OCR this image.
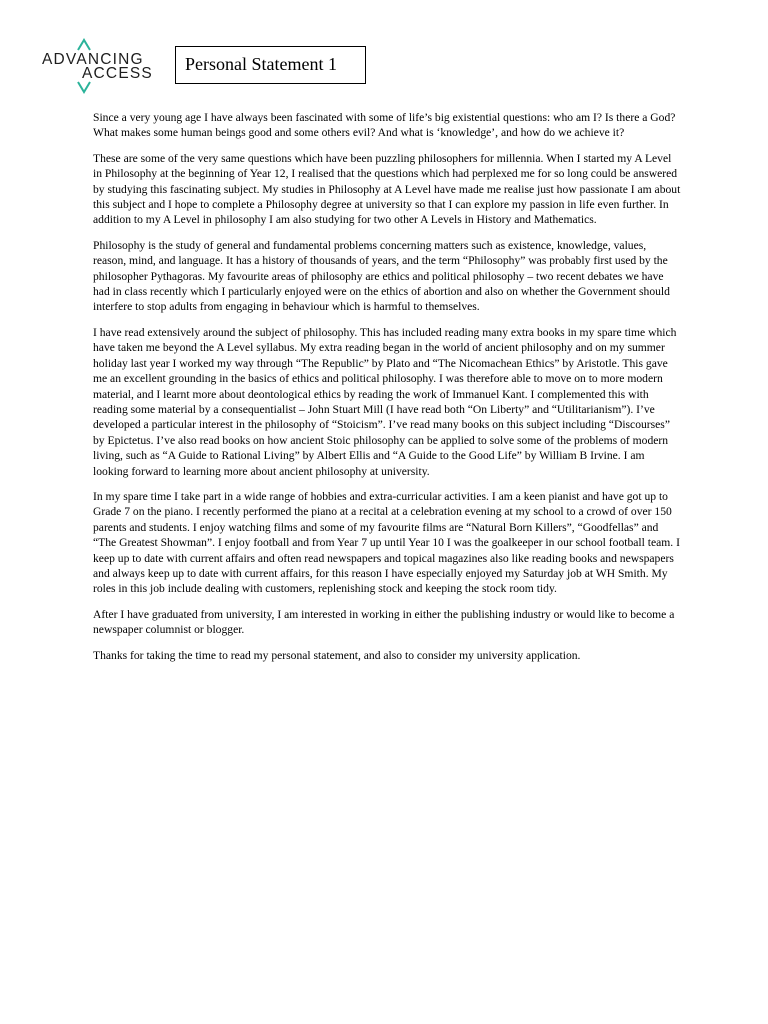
ADVANCING
ACCESS	Personal Statement 1

Since a very young age I have always been fascinated with some of life’s big existential questions: who am I? Is there a God? What makes some human beings good and some others evil? And what is ‘knowledge’, and how do we achieve it?

These are some of the very same questions which have been puzzling philosophers for millennia. When I started my A Level in Philosophy at the beginning of Year 12, I realised that the questions which had perplexed me for so long could be answered by studying this fascinating subject. My studies in Philosophy at A Level have made me realise just how passionate I am about this subject and I hope to complete a Philosophy degree at university so that I can explore my passion in life even further. In addition to my A Level in philosophy I am also studying for two other A Levels in History and Mathematics.

Philosophy is the study of general and fundamental problems concerning matters such as existence, knowledge, values, reason, mind, and language. It has a history of thousands of years, and the term “Philosophy” was probably first used by the philosopher Pythagoras. My favourite areas of philosophy are ethics and political philosophy – two recent debates we have had in class recently which I particularly enjoyed were on the ethics of abortion and also on whether the Government should interfere to stop adults from engaging in behaviour which is harmful to themselves.

I have read extensively around the subject of philosophy. This has included reading many extra books in my spare time which have taken me beyond the A Level syllabus. My extra reading began in the world of ancient philosophy and on my summer holiday last year I worked my way through “The Republic” by Plato and “The Nicomachean Ethics” by Aristotle. This gave me an excellent grounding in the basics of ethics and political philosophy. I was therefore able to move on to more modern material, and I learnt more about deontological ethics by reading the work of Immanuel Kant. I complemented this with reading some material by a consequentialist – John Stuart Mill (I have read both “On Liberty” and “Utilitarianism”). I’ve developed a particular interest in the philosophy of “Stoicism”. I’ve read many books on this subject including “Discourses” by Epictetus. I’ve also read books on how ancient Stoic philosophy can be applied to solve some of the problems of modern living, such as “A Guide to Rational Living” by Albert Ellis and “A Guide to the Good Life” by William B Irvine. I am looking forward to learning more about ancient philosophy at university.

In my spare time I take part in a wide range of hobbies and extra-curricular activities. I am a keen pianist and have got up to Grade 7 on the piano. I recently performed the piano at a recital at a celebration evening at my school to a crowd of over 150 parents and students. I enjoy watching films and some of my favourite films are “Natural Born Killers”, “Goodfellas” and “The Greatest Showman”. I enjoy football and from Year 7 up until Year 10 I was the goalkeeper in our school football team. I keep up to date with current affairs and often read newspapers and topical magazines also like reading books and newspapers and always keep up to date with current affairs, for this reason I have especially enjoyed my Saturday job at WH Smith. My roles in this job include dealing with customers, replenishing stock and keeping the stock room tidy.

After I have graduated from university, I am interested in working in either the publishing industry or would like to become a newspaper columnist or blogger.

Thanks for taking the time to read my personal statement, and also to consider my university application.
